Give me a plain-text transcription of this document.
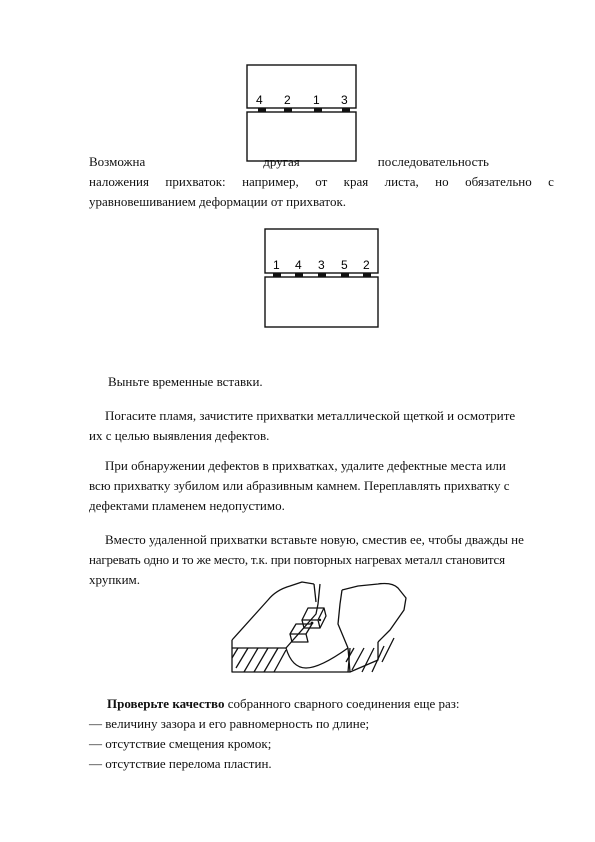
4 2 1 3
Возможна	другая	последовательность
наложения прихваток: например, от края листа, но обязательно с
уравновешиванием деформации от прихваток.
1 4 3 5 2
Выньте временные вставки.
Погасите пламя, зачистите прихватки металлической щеткой и осмотрите
их с целью выявления дефектов.
При обнаружении дефектов в прихватках, удалите дефектные места или
всю прихватку зубилом или абразивным камнем. Переплавлять прихватку с
дефектами пламенем недопустимо.
Вместо удаленной прихватки вставьте новую, сместив ее, чтобы дважды не
нагревать одно и то же место, т.к. при повторных нагревах металл становится
хрупким.
Проверьте качество собранного сварного соединения еще раз:
— величину зазора и его равномерность по длине;
— отсутствие смещения кромок;
— отсутствие перелома пластин.
